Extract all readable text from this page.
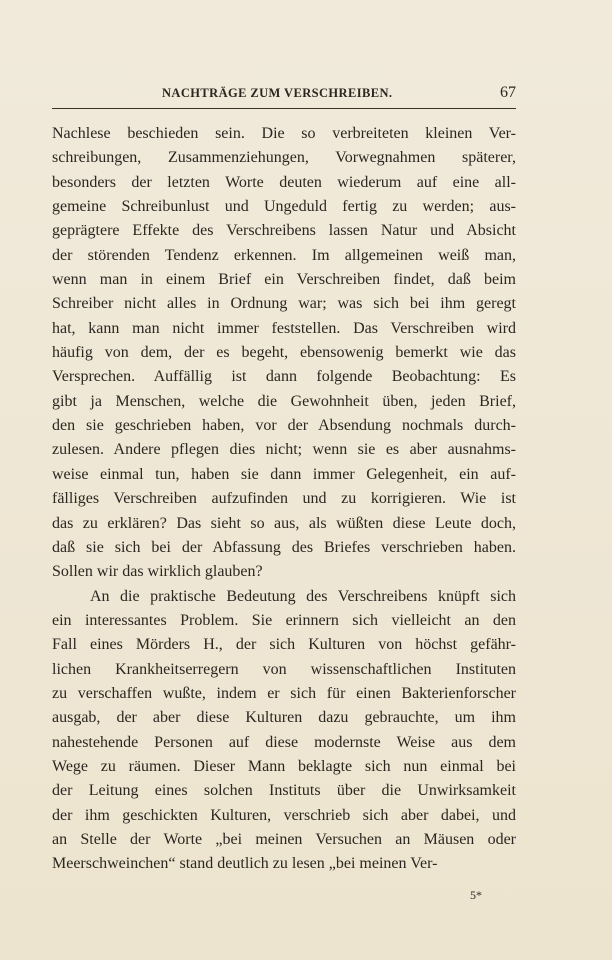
NACHTRÄGE ZUM VERSCHREIBEN.	67
Nachlese beschieden sein. Die so verbreiteten kleinen Ver-
schreibungen, Zusammenziehungen, Vorwegnahmen späterer,
besonders der letzten Worte deuten wiederum auf eine all-
gemeine Schreibunlust und Ungeduld fertig zu werden; aus-
geprägtere Effekte des Verschreibens lassen Natur und Absicht
der störenden Tendenz erkennen. Im allgemeinen weiß man,
wenn man in einem Brief ein Verschreiben findet, daß beim
Schreiber nicht alles in Ordnung war; was sich bei ihm geregt
hat, kann man nicht immer feststellen. Das Verschreiben wird
häufig von dem, der es begeht, ebensowenig bemerkt wie das
Versprechen. Auffällig ist dann folgende Beobachtung: Es
gibt ja Menschen, welche die Gewohnheit üben, jeden Brief,
den sie geschrieben haben, vor der Absendung nochmals durch-
zulesen. Andere pflegen dies nicht; wenn sie es aber ausnahms-
weise einmal tun, haben sie dann immer Gelegenheit, ein auf-
fälliges Verschreiben aufzufinden und zu korrigieren. Wie ist
das zu erklären? Das sieht so aus, als wüßten diese Leute doch,
daß sie sich bei der Abfassung des Briefes verschrieben haben.
Sollen wir das wirklich glauben?
An die praktische Bedeutung des Verschreibens knüpft sich
ein interessantes Problem. Sie erinnern sich vielleicht an den
Fall eines Mörders H., der sich Kulturen von höchst gefähr-
lichen Krankheitserregern von wissenschaftlichen Instituten
zu verschaffen wußte, indem er sich für einen Bakterienforscher
ausgab, der aber diese Kulturen dazu gebrauchte, um ihm
nahestehende Personen auf diese modernste Weise aus dem
Wege zu räumen. Dieser Mann beklagte sich nun einmal bei
der Leitung eines solchen Instituts über die Unwirksamkeit
der ihm geschickten Kulturen, verschrieb sich aber dabei, und
an Stelle der Worte „bei meinen Versuchen an Mäusen oder
Meerschweinchen“ stand deutlich zu lesen „bei meinen Ver-
5*
